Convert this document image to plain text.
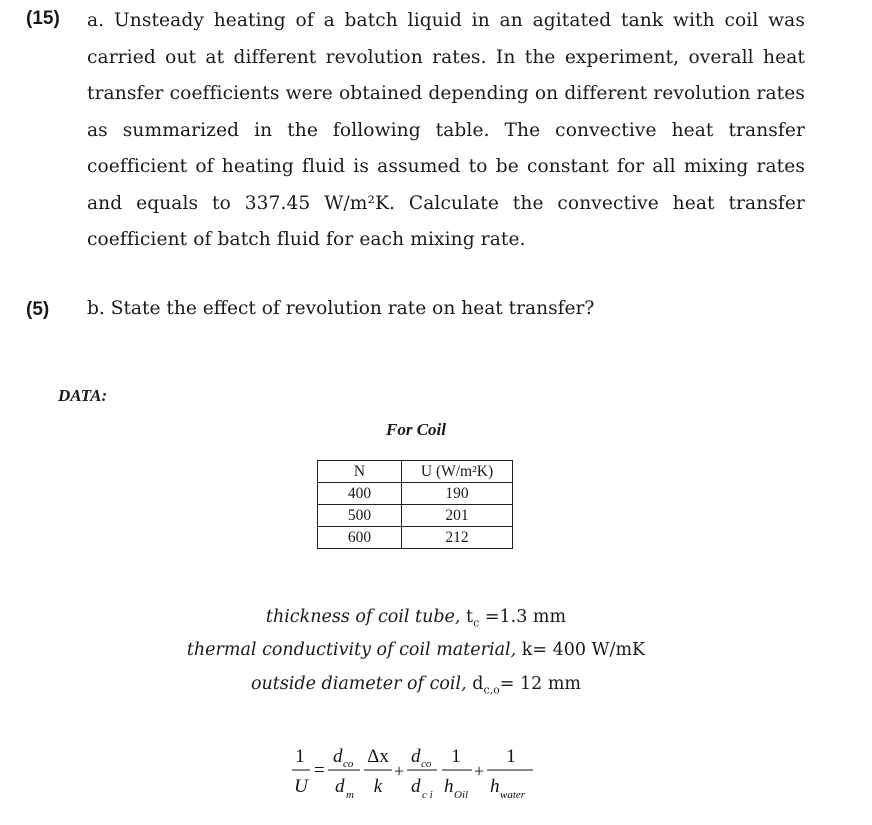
(15) a. Unsteady heating of a batch liquid in an agitated tank with coil was carried out at different revolution rates. In the experiment, overall heat transfer coefficients were obtained depending on different revolution rates as summarized in the following table. The convective heat transfer coefficient of heating fluid is assumed to be constant for all mixing rates and equals to 337.45 W/m²K. Calculate the convective heat transfer coefficient of batch fluid for each mixing rate.
(5) b. State the effect of revolution rate on heat transfer?
DATA:
For Coil
N	U (W/m²K)
400	190
500	201
600	212
thickness of coil tube, $t_c =1.3$ mm
thermal conductivity of coil material, k= 400 W/mK
outside diameter of coil, $d_{c,o}= 12$ mm
1
U
=
d co
d m
Δx
k
+
d co
d c i
1
h Oil
+
1
h water
